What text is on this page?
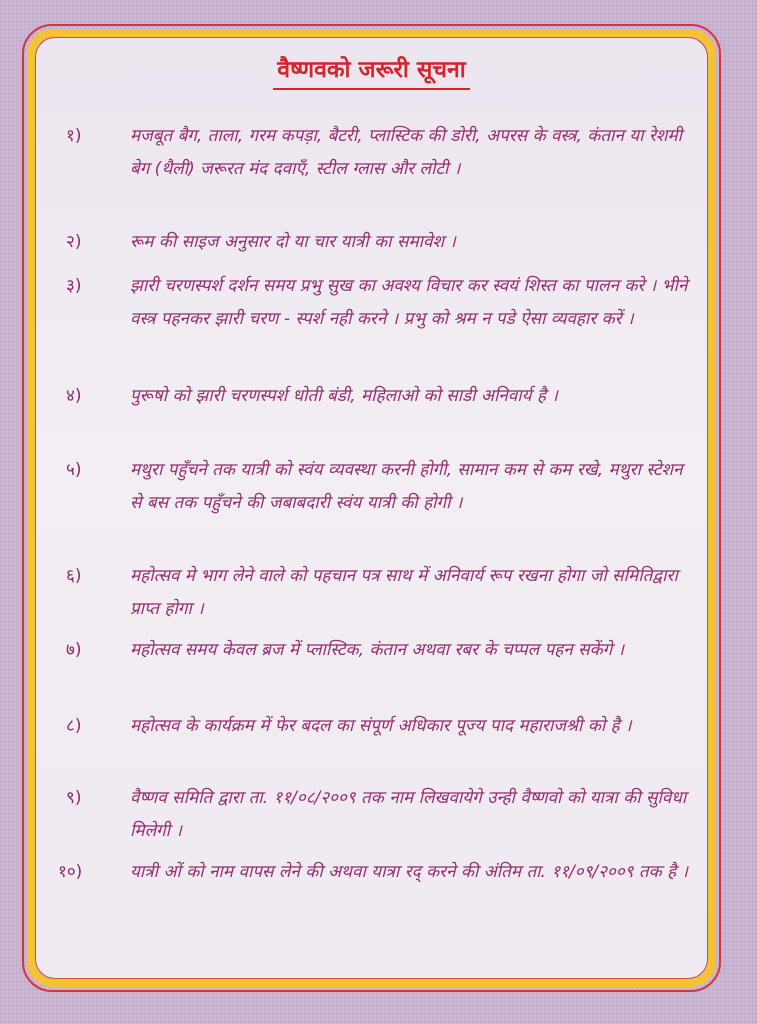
वैष्णवको जरूरी सूचना
१)	मजबूत बैग, ताला, गरम कपड़ा, बैटरी, प्लास्टिक की डोरी, अपरस के वस्त्र, कंतान या रेशमी बेग (थैली) जरूरत मंद दवाएँ, स्टील ग्लास और लोटी ।
२)	रूम की साइज अनुसार दो या चार यात्री का समावेश ।
३)	झारी चरणस्पर्श दर्शन समय प्रभु सुख का अवश्य विचार कर स्वयं शिस्त का पालन करे । भीने वस्त्र पहनकर झारी चरण - स्पर्श नही करने । प्रभु को श्रम न पडे ऐसा व्यवहार करें ।
४)	पुरूषो को झारी चरणस्पर्श धोती बंडी, महिलाओ को साडी अनिवार्य है ।
५)	मथुरा पहुँचने तक यात्री को स्वंय व्यवस्था करनी होगी, सामान कम से कम रखे, मथुरा स्टेशन से बस तक पहुँचने की जबाबदारी स्वंय यात्री की होगी ।
६)	महोत्सव मे भाग लेने वाले को पहचान पत्र साथ में अनिवार्य रूप रखना होगा जो समितिद्वारा प्राप्त होगा ।
७)	महोत्सव समय केवल ब्रज में प्लास्टिक, कंतान अथवा रबर के चप्पल पहन सकेंगे ।
८)	महोत्सव के कार्यक्रम में फेर बदल का संपूर्ण अधिकार पूज्य पाद महाराजश्री को है ।
९)	वैष्णव समिति द्वारा ता. ११/०८/२००९ तक नाम लिखवायेगे उन्ही वैष्णवो को यात्रा की सुविधा मिलेगी ।
१०)	यात्री ओं को नाम वापस लेने की अथवा यात्रा रद् करने की अंतिम ता. ११/०९/२००९ तक है ।
